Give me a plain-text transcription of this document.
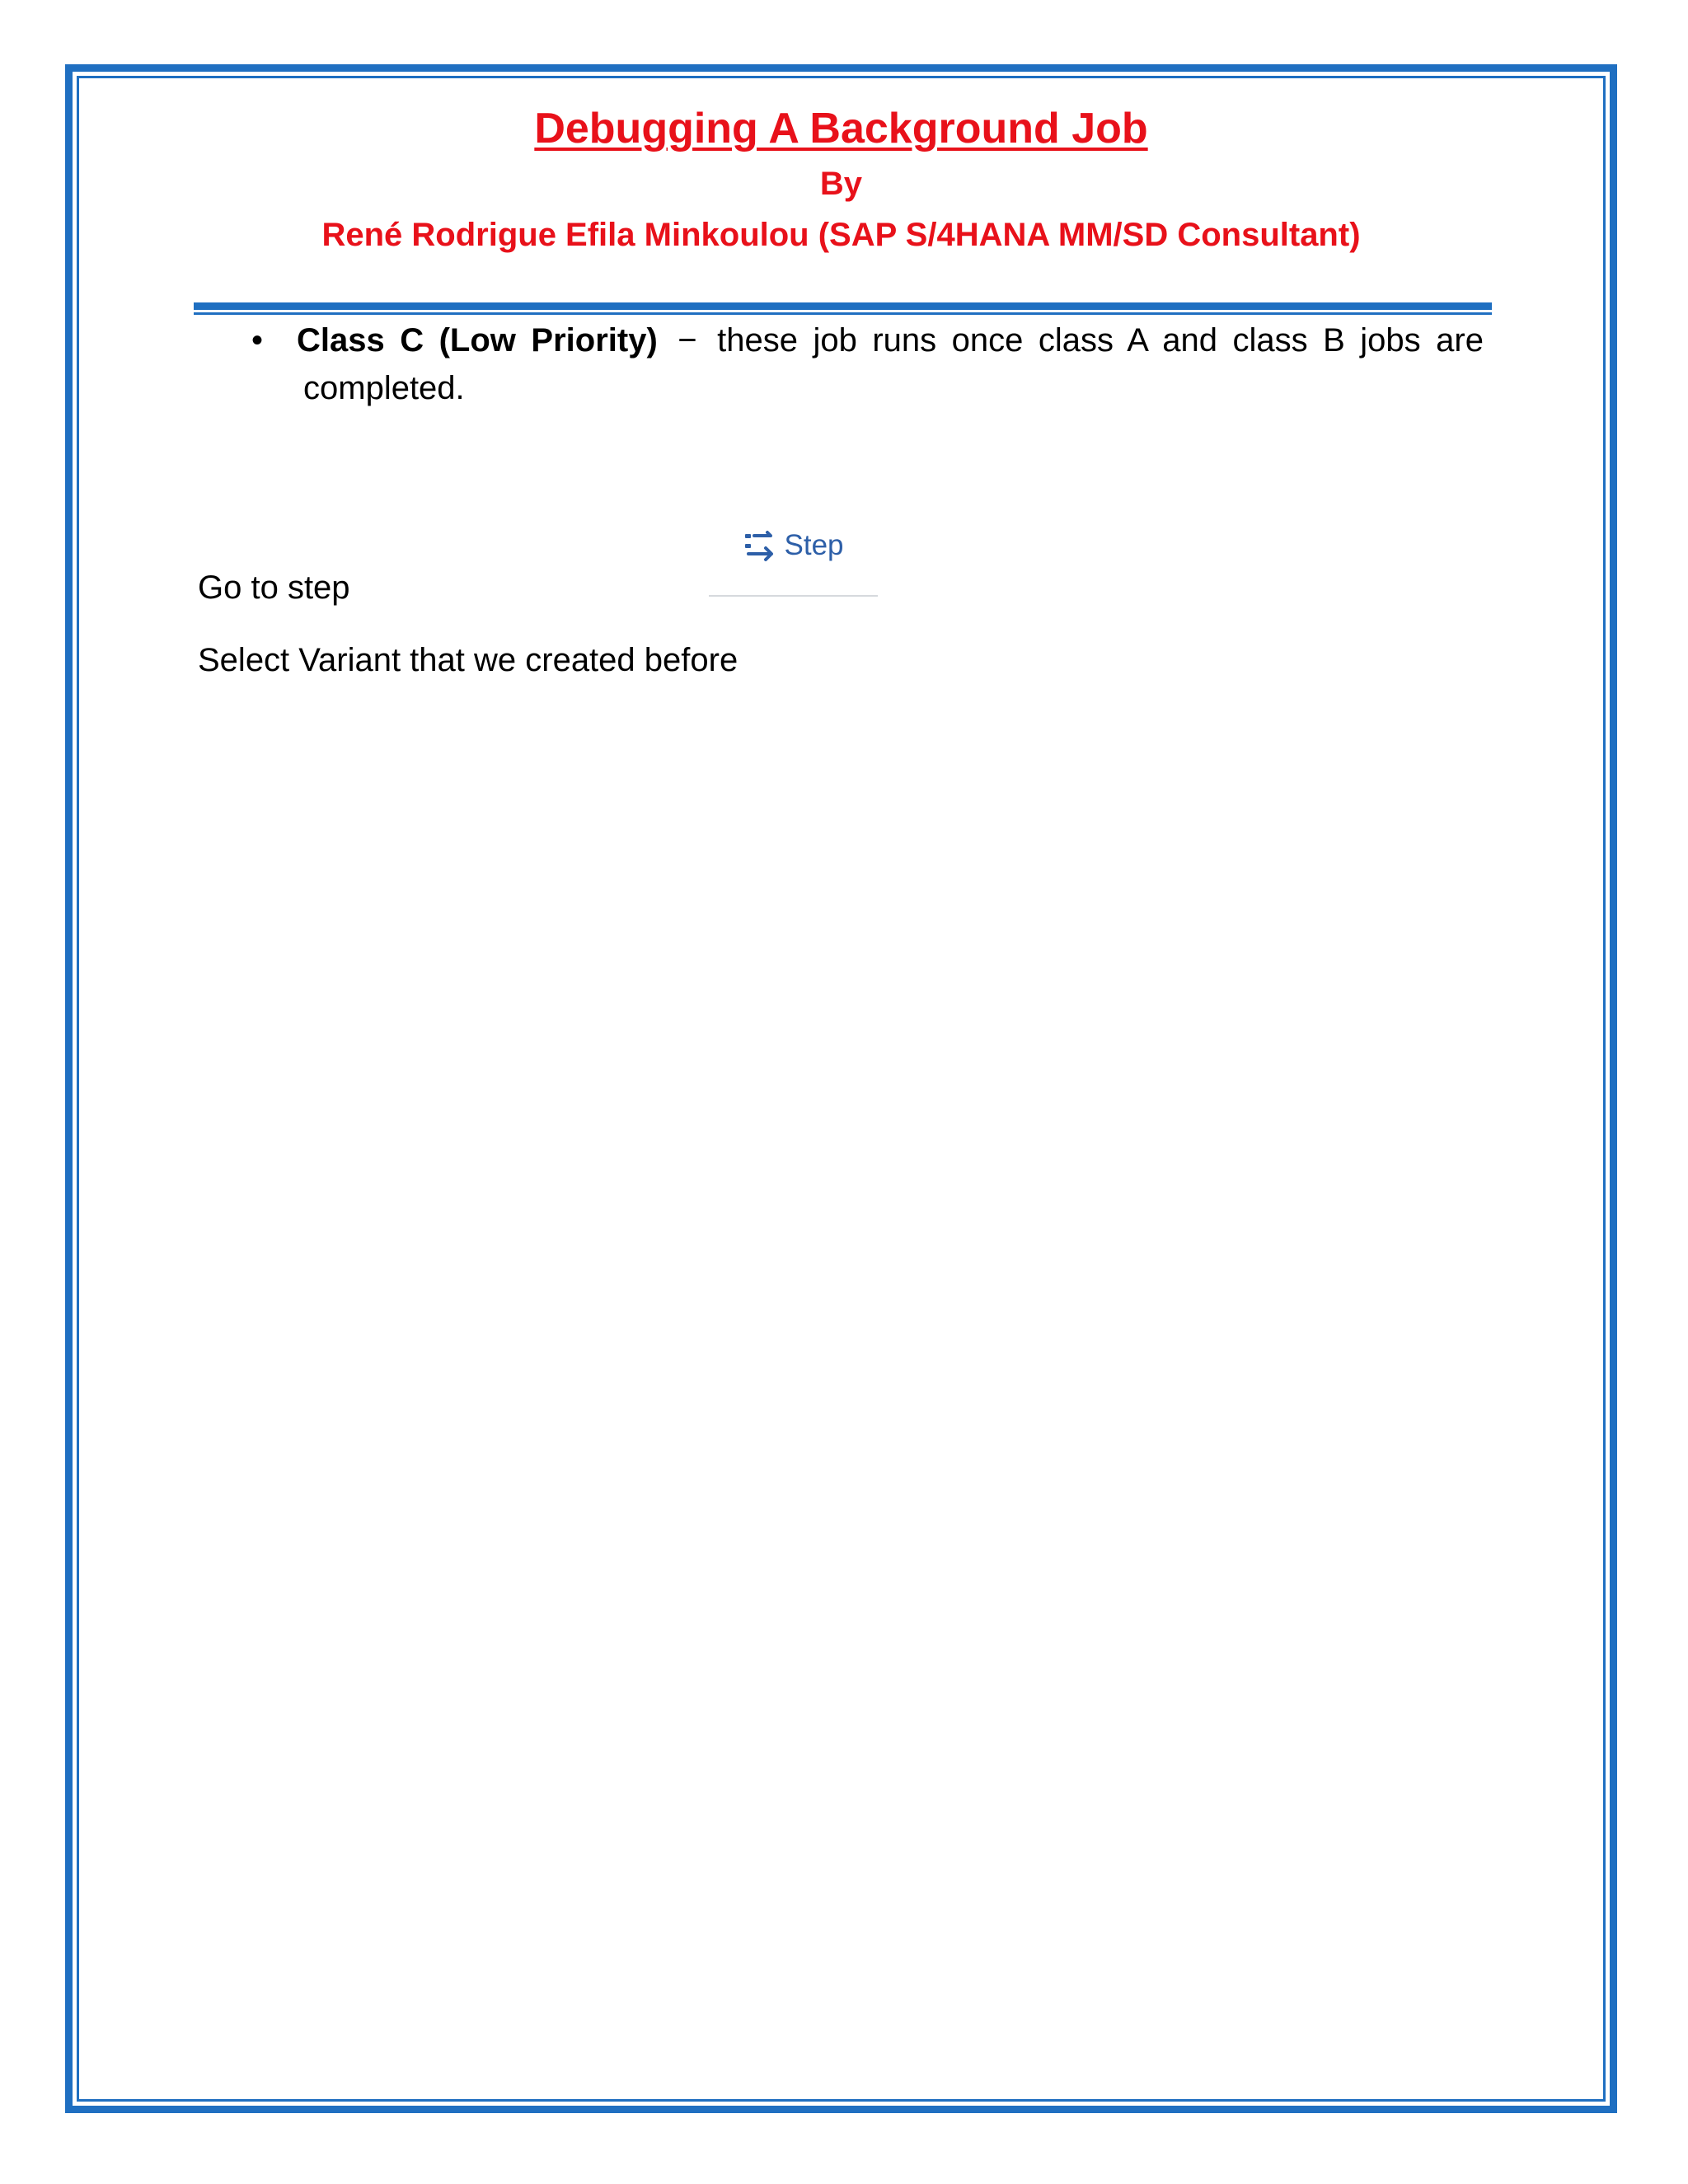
Debugging A Background Job
By
René Rodrigue Efila Minkoulou (SAP S/4HANA MM/SD Consultant)
• Class C (Low Priority) − these job runs once class A and class B jobs are
completed.
Go to step
Step
Select Variant that we created before
